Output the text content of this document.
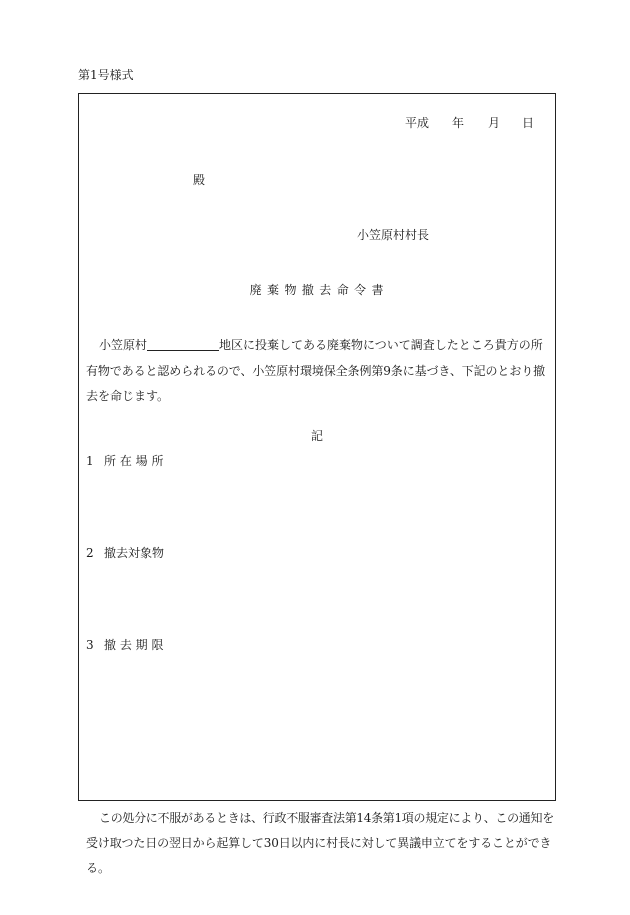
第1号様式
平成 年 月 日
殿
小笠原村村長
廃 棄 物 撤 去 命 令 書
小笠原村	地区に投棄してある廃棄物について調査したところ貴方の所
有物であると認められるので、小笠原村環境保全条例第9条に基づき、下記のとおり撤
去を命じます。
記
1 所 在 場 所
2 撤去対象物
3 撤 去 期 限
この処分に不服があるときは、行政不服審査法第14条第1項の規定により、この通知を
受け取つた日の翌日から起算して30日以内に村長に対して異議申立てをすることができ
る。
